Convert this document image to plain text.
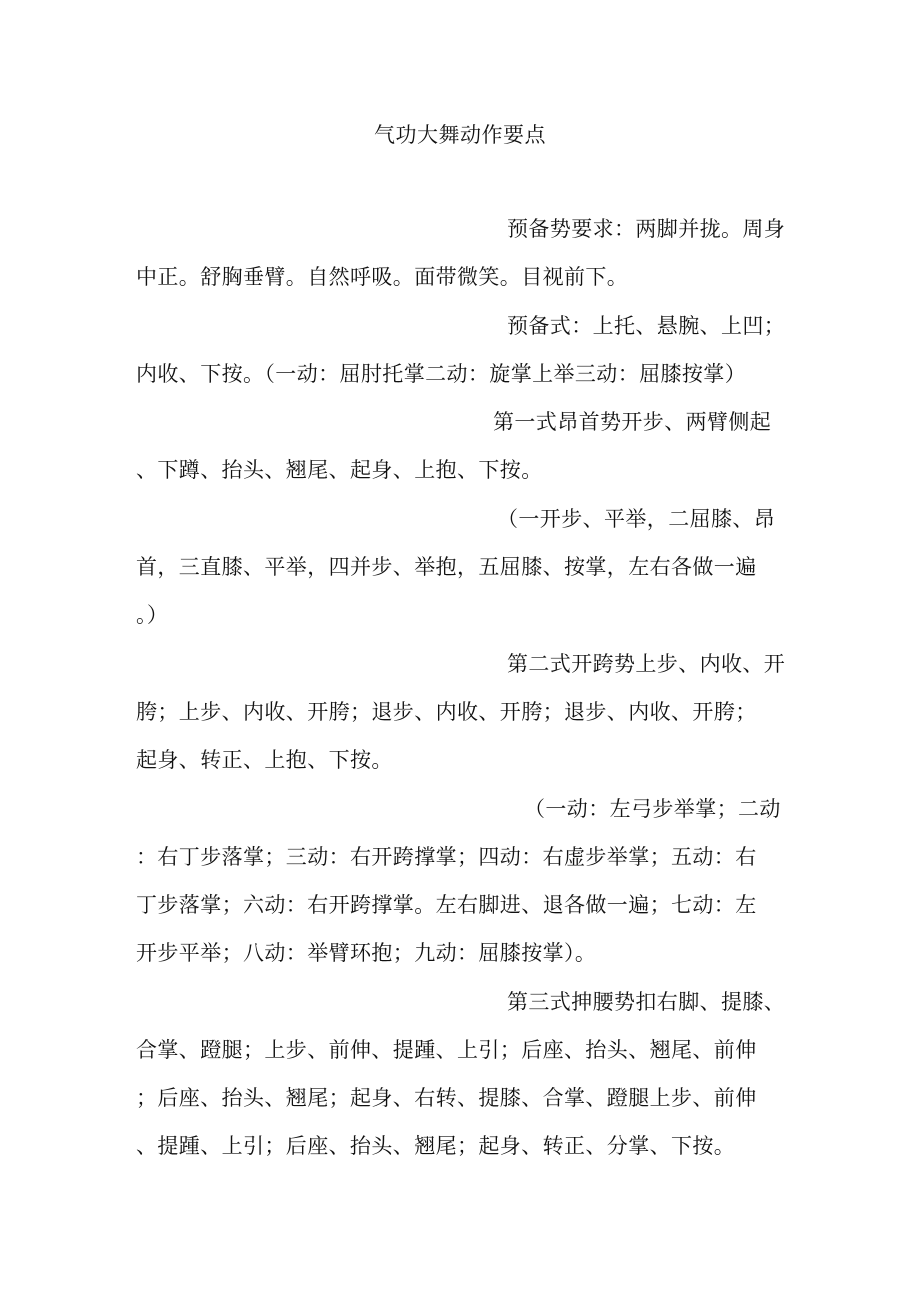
气功大舞动作要点
预备势要求：两脚并拢。周身
中正。舒胸垂臂。自然呼吸。面带微笑。目视前下。
预备式：上托、悬腕、上凹；
内收、下按。（一动：屈肘托掌二动：旋掌上举三动：屈膝按掌）
第一式昂首势开步、两臂侧起
、下蹲、抬头、翘尾、起身、上抱、下按。
（一开步、平举，二屈膝、昂
首，三直膝、平举，四并步、举抱，五屈膝、按掌，左右各做一遍
。）
第二式开跨势上步、内收、开
胯；上步、内收、开胯；退步、内收、开胯；退步、内收、开胯；
起身、转正、上抱、下按。
（一动：左弓步举掌；二动
：右丁步落掌；三动：右开跨撑掌；四动：右虚步举掌；五动：右
丁步落掌；六动：右开跨撑掌。左右脚进、退各做一遍；七动：左
开步平举；八动：举臂环抱；九动：屈膝按掌）。
第三式抻腰势扣右脚、提膝、
合掌、蹬腿；上步、前伸、提踵、上引；后座、抬头、翘尾、前伸
；后座、抬头、翘尾；起身、右转、提膝、合掌、蹬腿上步、前伸
、提踵、上引；后座、抬头、翘尾；起身、转正、分掌、下按。
